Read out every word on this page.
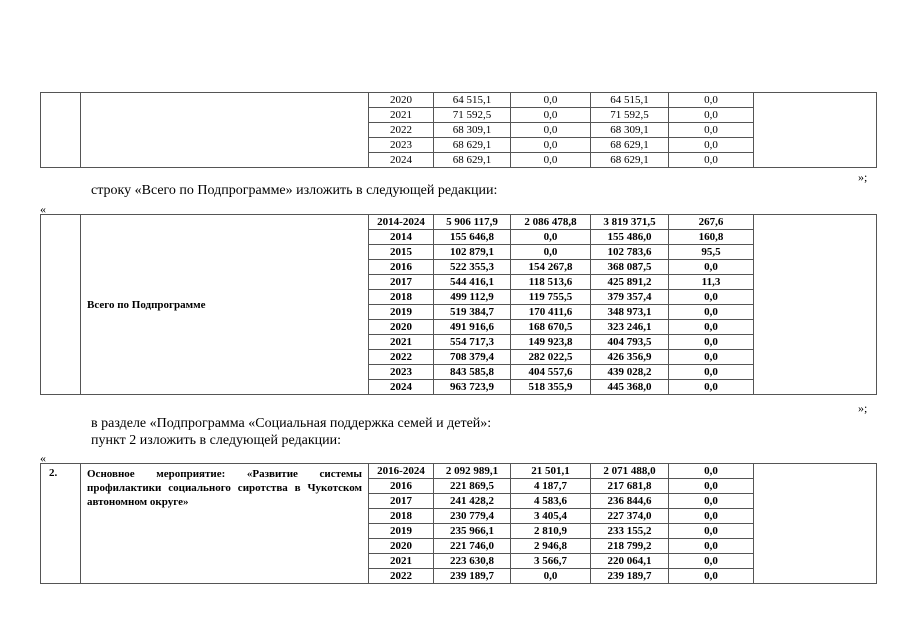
		2020	64 515,1	0,0	64 515,1	0,0	
		2021	71 592,5	0,0	71 592,5	0,0	
		2022	68 309,1	0,0	68 309,1	0,0	
		2023	68 629,1	0,0	68 629,1	0,0	
		2024	68 629,1	0,0	68 629,1	0,0	
»;
строку «Всего по Подпрограмме» изложить в следующей редакции:
«
	Всего по Подпрограмме	2014-2024	5 906 117,9	2 086 478,8	3 819 371,5	267,6	
		2014	155 646,8	0,0	155 486,0	160,8	
		2015	102 879,1	0,0	102 783,6	95,5	
		2016	522 355,3	154 267,8	368 087,5	0,0	
		2017	544 416,1	118 513,6	425 891,2	11,3	
		2018	499 112,9	119 755,5	379 357,4	0,0	
		2019	519 384,7	170 411,6	348 973,1	0,0	
		2020	491 916,6	168 670,5	323 246,1	0,0	
		2021	554 717,3	149 923,8	404 793,5	0,0	
		2022	708 379,4	282 022,5	426 356,9	0,0	
		2023	843 585,8	404 557,6	439 028,2	0,0	
		2024	963 723,9	518 355,9	445 368,0	0,0	
»;
в разделе «Подпрограмма «Социальная поддержка семей и детей»:
пункт 2 изложить в следующей редакции:
«
2.	Основное мероприятие: «Развитие системы профилактики социального сиротства в Чукотском автономном округе»	2016-2024	2 092 989,1	21 501,1	2 071 488,0	0,0	
		2016	221 869,5	4 187,7	217 681,8	0,0	
		2017	241 428,2	4 583,6	236 844,6	0,0	
		2018	230 779,4	3 405,4	227 374,0	0,0	
		2019	235 966,1	2 810,9	233 155,2	0,0	
		2020	221 746,0	2 946,8	218 799,2	0,0	
		2021	223 630,8	3 566,7	220 064,1	0,0	
		2022	239 189,7	0,0	239 189,7	0,0	
